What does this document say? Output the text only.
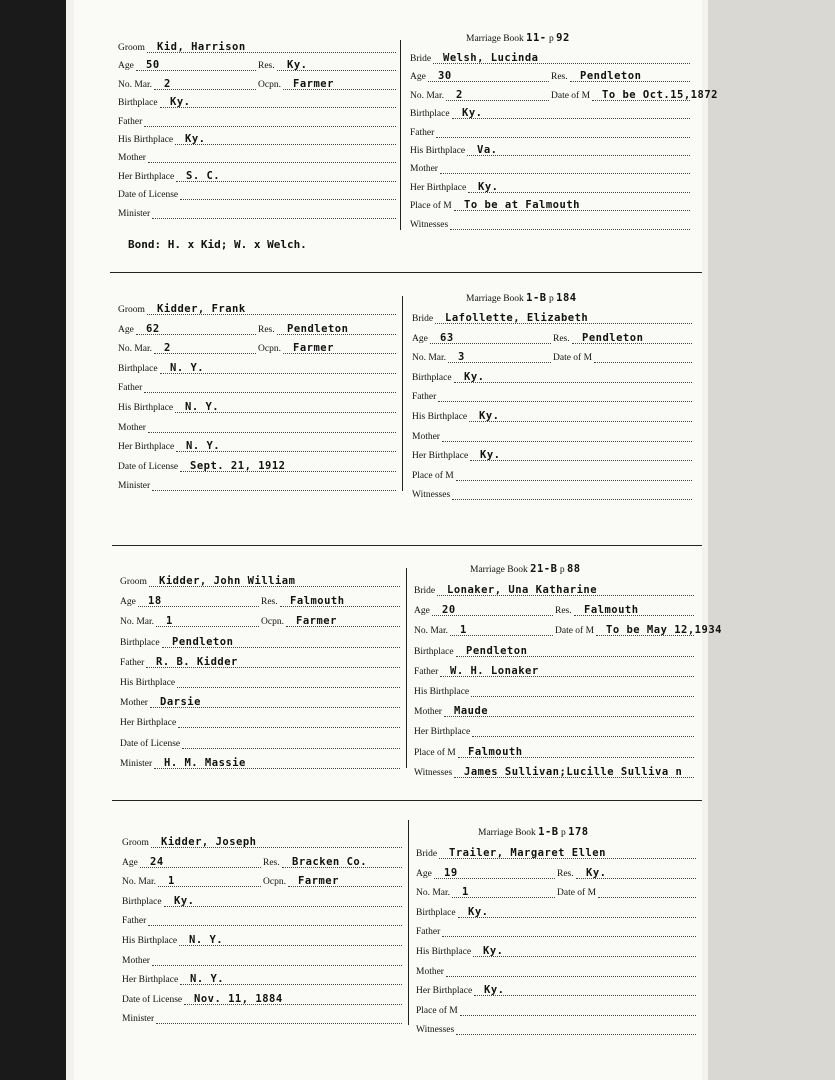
Bond: H. x Kid; W. x Welch.
Marriage Book 11- p 92
Groom Kid, Harrison
Age 50	Res. Ky.
No. Mar. 2	Ocpn. Farmer
Birthplace Ky.
Father
His Birthplace Ky.
Mother
Her Birthplace S. C.
Date of License
Minister
Bride Welsh, Lucinda
Age 30	Res. Pendleton
No. Mar. 2	Date of M To be Oct.15,1872
Birthplace Ky.
Father
His Birthplace Va.
Mother
Her Birthplace Ky.
Place of M To be at Falmouth
Witnesses
Marriage Book 1-B p 184
Groom Kidder, Frank
Age 62	Res. Pendleton
No. Mar. 2	Ocpn. Farmer
Birthplace N. Y.
Father
His Birthplace N. Y.
Mother
Her Birthplace N. Y.
Date of License Sept. 21, 1912
Minister
Bride Lafollette, Elizabeth
Age 63	Res. Pendleton
No. Mar. 3	Date of M
Birthplace Ky.
Father
His Birthplace Ky.
Mother
Her Birthplace Ky.
Place of M
Witnesses
Marriage Book 21-B p 88
Groom Kidder, John William
Age 18	Res. Falmouth
No. Mar. 1	Ocpn. Farmer
Birthplace Pendleton
Father R. B. Kidder
His Birthplace
Mother Darsie
Her Birthplace
Date of License
Minister H. M. Massie
Bride Lonaker, Una Katharine
Age 20	Res. Falmouth
No. Mar. 1	Date of M To be May 12,1934
Birthplace Pendleton
Father W. H. Lonaker
His Birthplace
Mother Maude
Her Birthplace
Place of M Falmouth
Witnesses James Sullivan;Lucille Sulliva n
Marriage Book 1-B p 178
Groom Kidder, Joseph
Age 24	Res. Bracken Co.
No. Mar. 1	Ocpn. Farmer
Birthplace Ky.
Father
His Birthplace N. Y.
Mother
Her Birthplace N. Y.
Date of License Nov. 11, 1884
Minister
Bride Trailer, Margaret Ellen
Age 19	Res. Ky.
No. Mar. 1	Date of M
Birthplace Ky.
Father
His Birthplace Ky.
Mother
Her Birthplace Ky.
Place of M
Witnesses
